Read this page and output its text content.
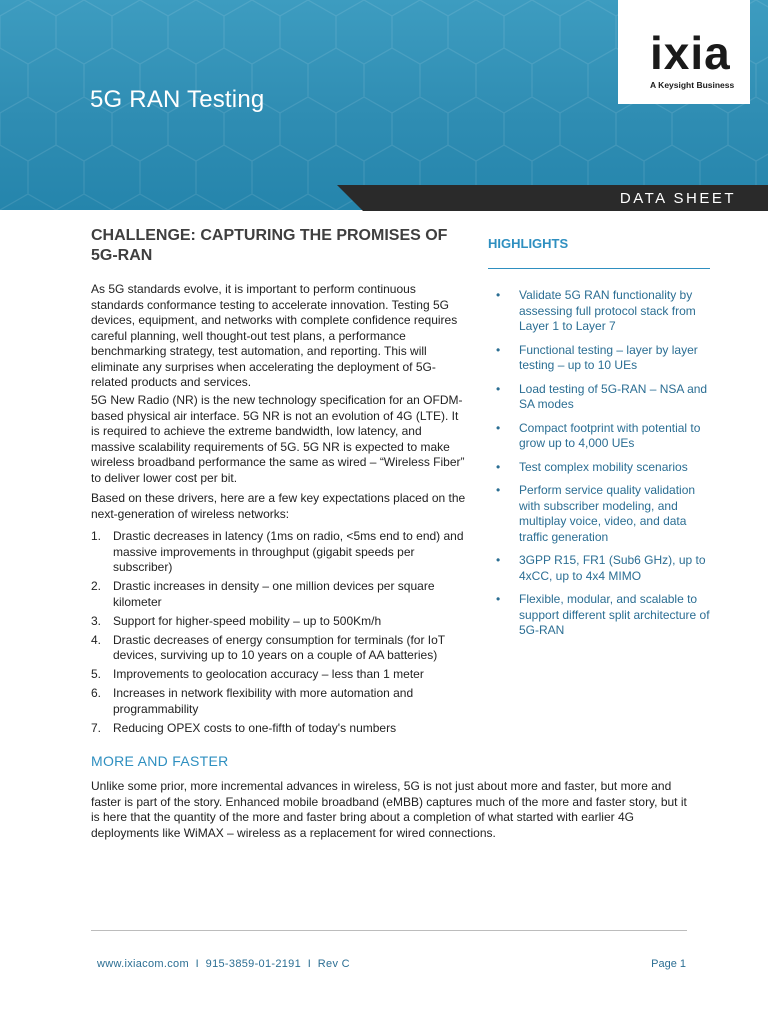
5G RAN Testing
ixia
A Keysight Business
DATA SHEET
CHALLENGE: CAPTURING THE PROMISES OF 5G-RAN
As 5G standards evolve, it is important to perform continuous standards conformance testing to accelerate innovation. Testing 5G devices, equipment, and networks with complete confidence requires careful planning, well thought-out test plans, a performance benchmarking strategy, test automation, and reporting. This will eliminate any surprises when accelerating the deployment of 5G-related products and services.
5G New Radio (NR) is the new technology specification for an OFDM-based physical air interface. 5G NR is not an evolution of 4G (LTE). It is required to achieve the extreme bandwidth, low latency, and massive scalability requirements of 5G. 5G NR is expected to make wireless broadband performance the same as wired – “Wireless Fiber” to deliver lower cost per bit.
Based on these drivers, here are a few key expectations placed on the next-generation of wireless networks:
1. Drastic decreases in latency (1ms on radio, <5ms end to end) and massive improvements in throughput (gigabit speeds per subscriber)
2. Drastic increases in density – one million devices per square kilometer
3. Support for higher-speed mobility – up to 500Km/h
4. Drastic decreases of energy consumption for terminals (for IoT devices, surviving up to 10 years on a couple of AA batteries)
5. Improvements to geolocation accuracy – less than 1 meter
6. Increases in network flexibility with more automation and programmability
7. Reducing OPEX costs to one-fifth of today's numbers
HIGHLIGHTS
• Validate 5G RAN functionality by assessing full protocol stack from Layer 1 to Layer 7
• Functional testing – layer by layer testing – up to 10 UEs
• Load testing of 5G-RAN – NSA and SA modes
• Compact footprint with potential to grow up to 4,000 UEs
• Test complex mobility scenarios
• Perform service quality validation with subscriber modeling, and multiplay voice, video, and data traffic generation
• 3GPP R15, FR1 (Sub6 GHz), up to 4xCC, up to 4x4 MIMO
• Flexible, modular, and scalable to support different split architecture of 5G-RAN
MORE AND FASTER
Unlike some prior, more incremental advances in wireless, 5G is not just about more and faster, but more and faster is part of the story. Enhanced mobile broadband (eMBB) captures much of the more and faster story, but it is here that the quantity of the more and faster bring about a completion of what started with earlier 4G deployments like WiMAX – wireless as a replacement for wired connections.
www.ixiacom.com  I  915-3859-01-2191  I  Rev C	Page 1
